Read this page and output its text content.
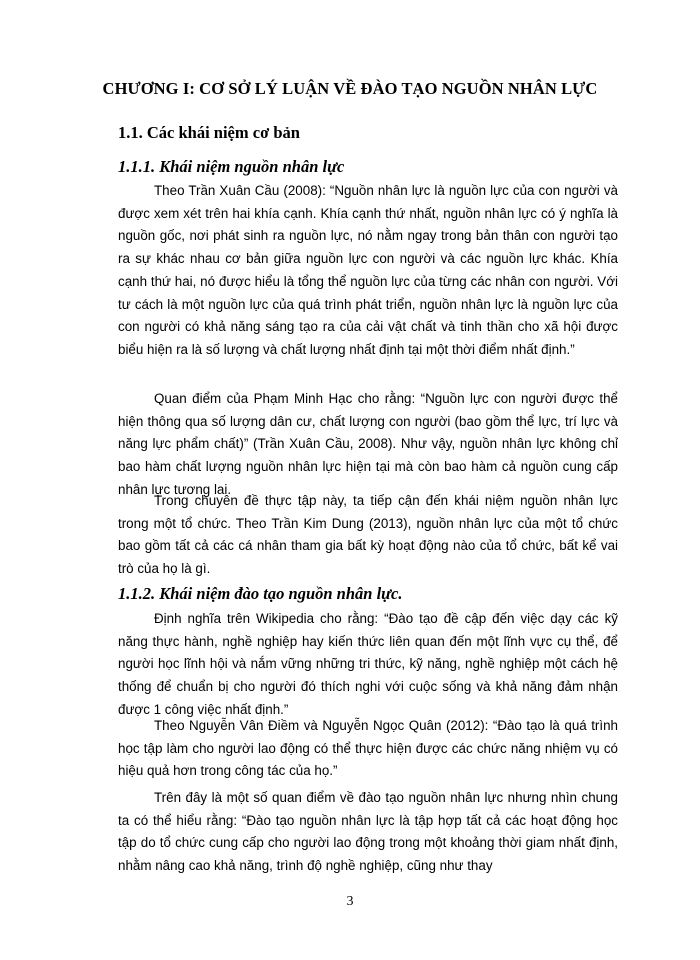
CHƯƠNG I: CƠ SỞ LÝ LUẬN VỀ ĐÀO TẠO NGUỒN NHÂN LỰC
1.1. Các khái niệm cơ bản
1.1.1. Khái niệm nguồn nhân lực
Theo Trần Xuân Cầu (2008): “Nguồn nhân lực là nguồn lực của con người và được xem xét trên hai khía cạnh. Khía cạnh thứ nhất, nguồn nhân lực có ý nghĩa là nguồn gốc, nơi phát sinh ra nguồn lực, nó nằm ngay trong bản thân con người tạo ra sự khác nhau cơ bản giữa nguồn lực con người và các nguồn lực khác. Khía cạnh thứ hai, nó được hiểu là tổng thể nguồn lực của từng các nhân con người. Với tư cách là một nguồn lực của quá trình phát triển, nguồn nhân lực là nguồn lực của con người có khả năng sáng tạo ra của cải vật chất và tinh thần cho xã hội được biểu hiện ra là số lượng và chất lượng nhất định tại một thời điểm nhất định.”
Quan điểm của Phạm Minh Hạc cho rằng: “Nguồn lực con người được thể hiện thông qua số lượng dân cư, chất lượng con người (bao gồm thể lực, trí lực và năng lực phẩm chất)” (Trần Xuân Cầu, 2008). Như vậy, nguồn nhân lực không chỉ bao hàm chất lượng nguồn nhân lực hiện tại mà còn bao hàm cả nguồn cung cấp nhân lực tương lai.
Trong chuyên đề thực tập này, ta tiếp cận đến khái niệm nguồn nhân lực trong một tổ chức. Theo Trần Kim Dung (2013), nguồn nhân lực của một tổ chức bao gồm tất cả các cá nhân tham gia bất kỳ hoạt động nào của tổ chức, bất kể vai trò của họ là gì.
1.1.2. Khái niệm đào tạo nguồn nhân lực.
Định nghĩa trên Wikipedia cho rằng: “Đào tạo đề cập đến việc dạy các kỹ năng thực hành, nghề nghiệp hay kiến thức liên quan đến một lĩnh vực cụ thể, để người học lĩnh hội và nắm vững những tri thức, kỹ năng, nghề nghiệp một cách hệ thống để chuẩn bị cho người đó thích nghi với cuộc sống và khả năng đảm nhận được 1 công việc nhất định.”
Theo Nguyễn Vân Điềm và Nguyễn Ngọc Quân (2012): “Đào tạo là quá trình học tập làm cho người lao động có thể thực hiện được các chức năng nhiệm vụ có hiệu quả hơn trong công tác của họ.”
Trên đây là một số quan điểm về đào tạo nguồn nhân lực nhưng nhìn chung ta có thể hiểu rằng: “Đào tạo nguồn nhân lực là tập hợp tất cả các hoạt động học tập do tổ chức cung cấp cho người lao động trong một khoảng thời giam nhất định, nhằm nâng cao khả năng, trình độ nghề nghiệp, cũng như thay
3
